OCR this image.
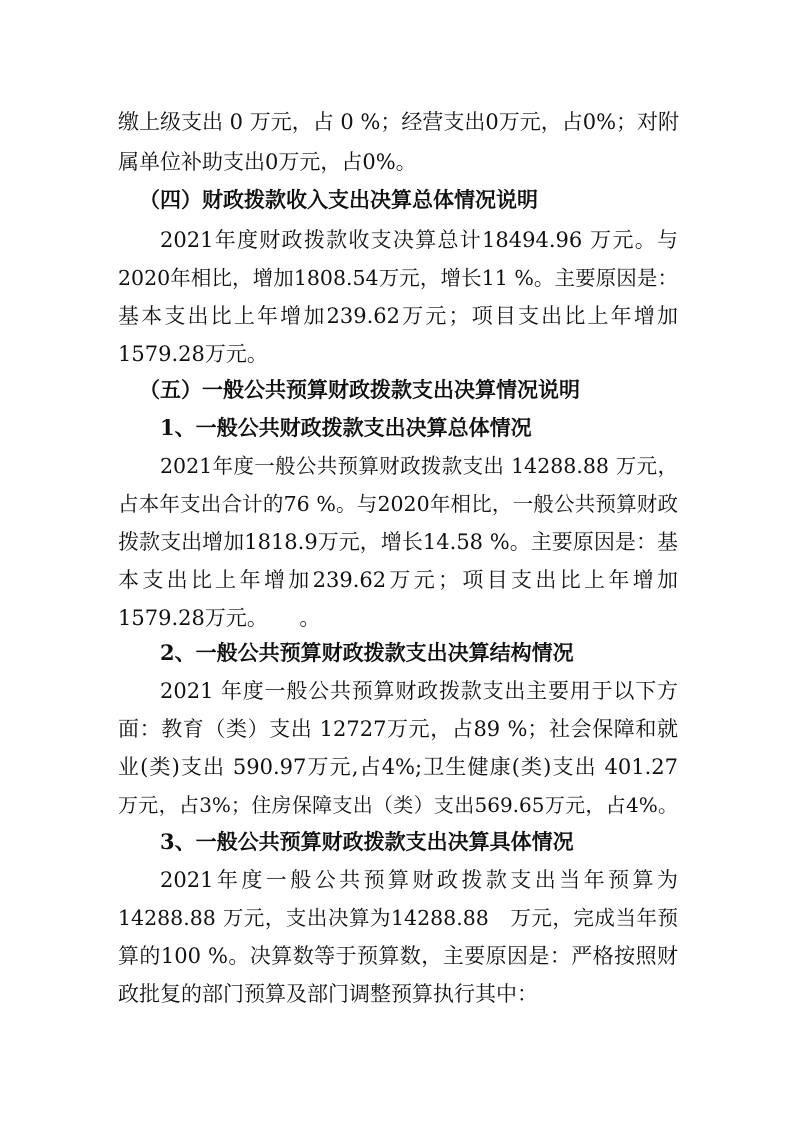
缴上级支出 0 万元，占 0 %；经营支出0万元，占0%；对附
属单位补助支出0万元，占0%。
（四）财政拨款收入支出决算总体情况说明
2021年度财政拨款收支决算总计18494.96 万元。与
2020年相比，增加1808.54万元，增长11 %。主要原因是：
基本支出比上年增加239.62万元；项目支出比上年增加
1579.28万元。
（五）一般公共预算财政拨款支出决算情况说明
1、一般公共财政拨款支出决算总体情况
2021年度一般公共预算财政拨款支出 14288.88 万元，
占本年支出合计的76 %。与2020年相比，一般公共预算财政
拨款支出增加1818.9万元，增长14.58 %。主要原因是：基
本支出比上年增加239.62万元；项目支出比上年增加
1579.28万元。　　。
2、一般公共预算财政拨款支出决算结构情况
2021 年度一般公共预算财政拨款支出主要用于以下方
面：教育（类）支出 12727万元，占89 %；社会保障和就
业(类)支出 590.97万元,占4%;卫生健康(类)支出 401.27
万元，占3%；住房保障支出（类）支出569.65万元，占4%。
3、一般公共预算财政拨款支出决算具体情况
2021年度一般公共预算财政拨款支出当年预算为
14288.88 万元，支出决算为14288.88　万元，完成当年预
算的100 %。决算数等于预算数，主要原因是：严格按照财
政批复的部门预算及部门调整预算执行其中：
